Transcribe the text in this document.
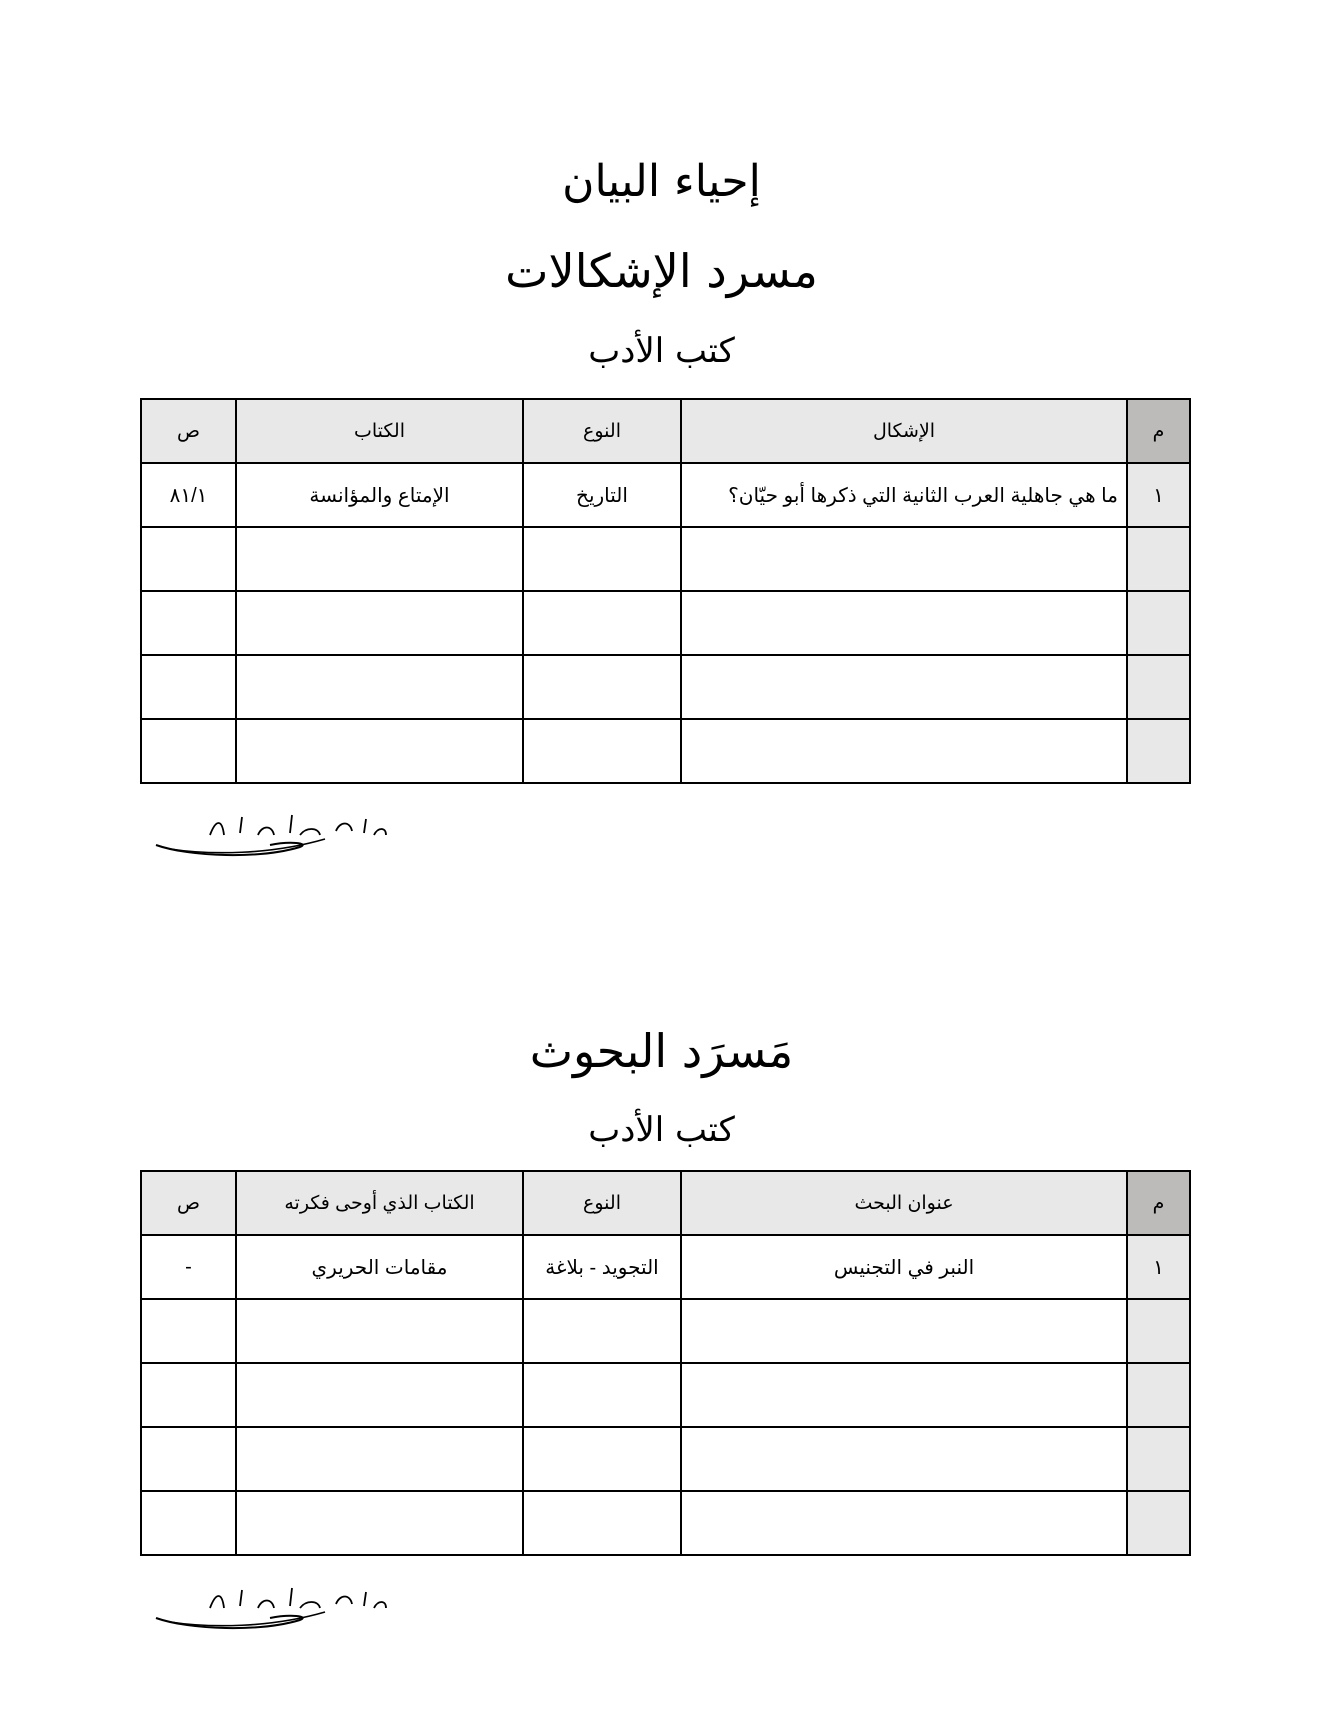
إحياء البيان
مسرد الإشكالات
كتب الأدب
م	الإشكال	النوع	الكتاب	ص
١	ما هي جاهلية العرب الثانية التي ذكرها أبو حيّان؟	التاريخ	الإمتاع والمؤانسة	٨١/١

مَسرَد البحوث
كتب الأدب
م	عنوان البحث	النوع	الكتاب الذي أوحى فكرته	ص
١	النبر في التجنيس	التجويد - بلاغة	مقامات الحريري	-
